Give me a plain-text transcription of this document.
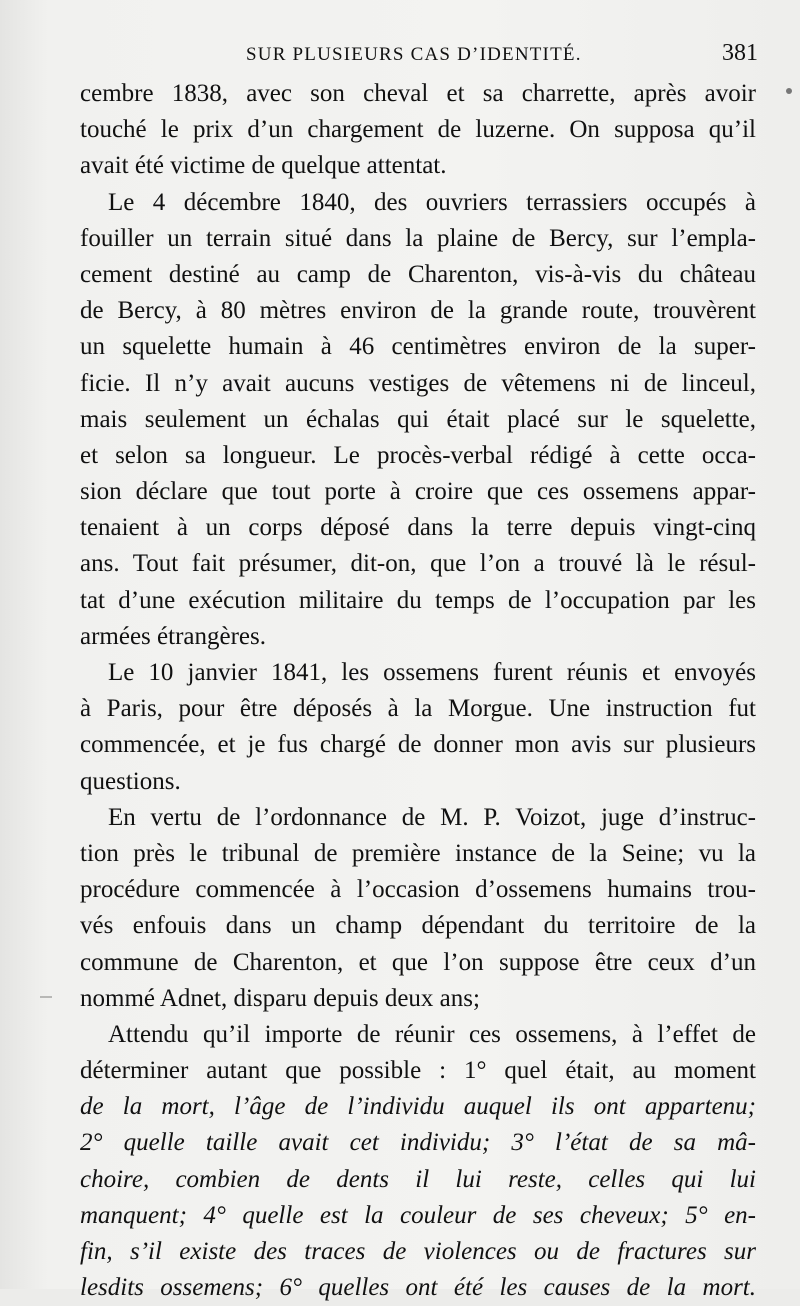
SUR PLUSIEURS CAS D’IDENTITÉ.	381
cembre 1838, avec son cheval et sa charrette, après avoir
touché le prix d’un chargement de luzerne. On supposa qu’il
avait été victime de quelque attentat.
Le 4 décembre 1840, des ouvriers terrassiers occupés à
fouiller un terrain situé dans la plaine de Bercy, sur l’empla-
cement destiné au camp de Charenton, vis-à-vis du château
de Bercy, à 80 mètres environ de la grande route, trouvèrent
un squelette humain à 46 centimètres environ de la super-
ficie. Il n’y avait aucuns vestiges de vêtemens ni de linceul,
mais seulement un échalas qui était placé sur le squelette,
et selon sa longueur. Le procès-verbal rédigé à cette occa-
sion déclare que tout porte à croire que ces ossemens appar-
tenaient à un corps déposé dans la terre depuis vingt-cinq
ans. Tout fait présumer, dit-on, que l’on a trouvé là le résul-
tat d’une exécution militaire du temps de l’occupation par les
armées étrangères.
Le 10 janvier 1841, les ossemens furent réunis et envoyés
à Paris, pour être déposés à la Morgue. Une instruction fut
commencée, et je fus chargé de donner mon avis sur plusieurs
questions.
En vertu de l’ordonnance de M. P. Voizot, juge d’instruc-
tion près le tribunal de première instance de la Seine; vu la
procédure commencée à l’occasion d’ossemens humains trou-
vés enfouis dans un champ dépendant du territoire de la
commune de Charenton, et que l’on suppose être ceux d’un
nommé Adnet, disparu depuis deux ans;
Attendu qu’il importe de réunir ces ossemens, à l’effet de
déterminer autant que possible : 1° quel était, au moment
de la mort, l’âge de l’individu auquel ils ont appartenu;
2° quelle taille avait cet individu; 3° l’état de sa mâ-
choire, combien de dents il lui reste, celles qui lui
manquent; 4° quelle est la couleur de ses cheveux; 5° en-
fin, s’il existe des traces de violences ou de fractures sur
lesdits ossemens; 6° quelles ont été les causes de la mort.
